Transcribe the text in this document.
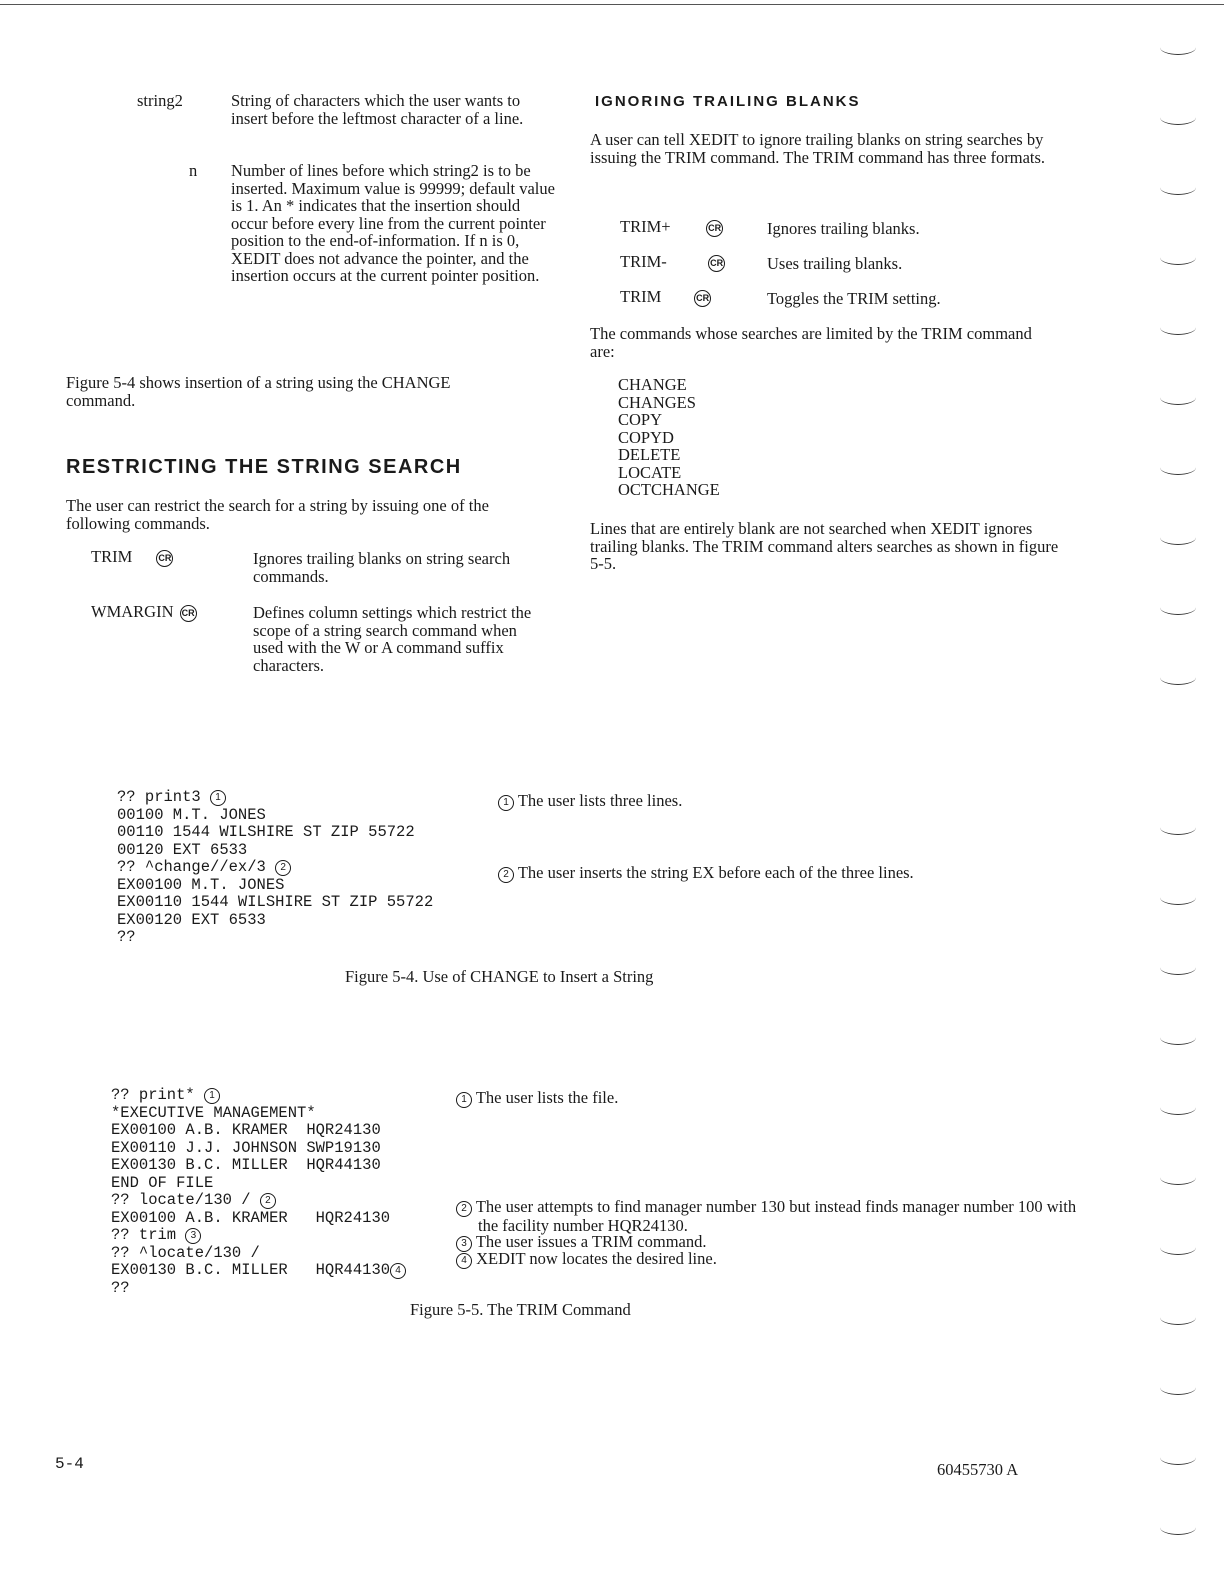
string2	String of characters which the user wants to insert before the leftmost character of a line.
n Number of lines before which string2 is to be inserted. Maximum value is 99999; default value is 1. An * indicates that the insertion should occur before every line from the current pointer position to the end-of-information. If n is 0, XEDIT does not advance the pointer, and the insertion occurs at the current pointer position.
Figure 5-4 shows insertion of a string using the CHANGE command.
RESTRICTING THE STRING SEARCH
The user can restrict the search for a string by issuing one of the following commands.
TRIM	CR	Ignores trailing blanks on string search commands.
WMARGIN CR	Defines column settings which restrict the scope of a string search command when used with the W or A command suffix characters.
IGNORING TRAILING BLANKS
A user can tell XEDIT to ignore trailing blanks on string searches by issuing the TRIM command. The TRIM command has three formats.
TRIM+	CR	Ignores trailing blanks.
TRIM-	CR	Uses trailing blanks.
TRIM	CR	Toggles the TRIM setting.
The commands whose searches are limited by the TRIM command are:
CHANGE
CHANGES
COPY
COPYD
DELETE
LOCATE
OCTCHANGE
Lines that are entirely blank are not searched when XEDIT ignores trailing blanks. The TRIM command alters searches as shown in figure 5-5.
?? print3 1
00100 M.T. JONES
00110 1544 WILSHIRE ST ZIP 55722
00120 EXT 6533
?? ^change//ex/3 2
EX00100 M.T. JONES
EX00110 1544 WILSHIRE ST ZIP 55722
EX00120 EXT 6533
??
1 The user lists three lines.
2 The user inserts the string EX before each of the three lines.
Figure 5-4. Use of CHANGE to Insert a String
?? print* 1
*EXECUTIVE MANAGEMENT*
EX00100 A.B. KRAMER  HQR24130
EX00110 J.J. JOHNSON SWP19130
EX00130 B.C. MILLER  HQR44130
END OF FILE
?? locate/130 / 2
EX00100 A.B. KRAMER   HQR24130
?? trim 3
?? ^locate/130 /
EX00130 B.C. MILLER   HQR44130 4
??
1 The user lists the file.
2 The user attempts to find manager number 130 but instead finds manager number 100 with the facility number HQR24130.
3 The user issues a TRIM command.
4 XEDIT now locates the desired line.
Figure 5-5. The TRIM Command
5-4	60455730 A
